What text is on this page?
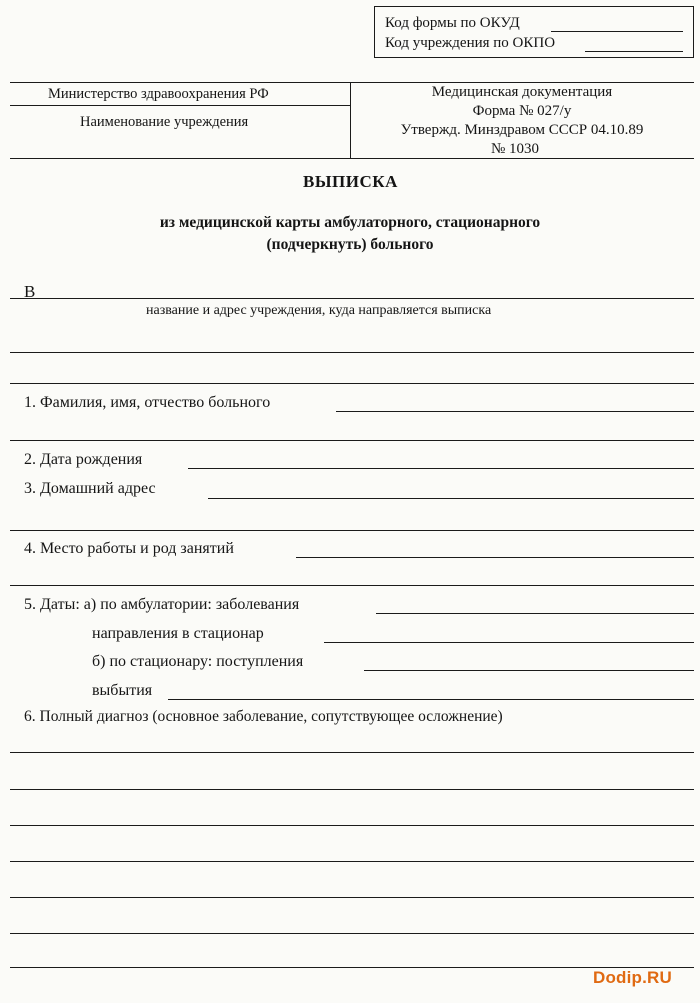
Код формы по ОКУД
Код учреждения по ОКПО
Министерство здравоохранения РФ
Наименование учреждения
Медицинская документация
Форма № 027/у
Утвержд. Минздравом СССР 04.10.89
№ 1030
ВЫПИСКА
из медицинской карты амбулаторного, стационарного
(подчеркнуть) больного
В
название и адрес учреждения, куда направляется выписка
1. Фамилия, имя, отчество больного
2. Дата рождения
3. Домашний адрес
4. Место работы и род занятий
5. Даты: а) по амбулатории: заболевания
направления в стационар
б) по стационару: поступления
выбытия
6. Полный диагноз (основное заболевание, сопутствующее осложнение)
Dodip.RU
